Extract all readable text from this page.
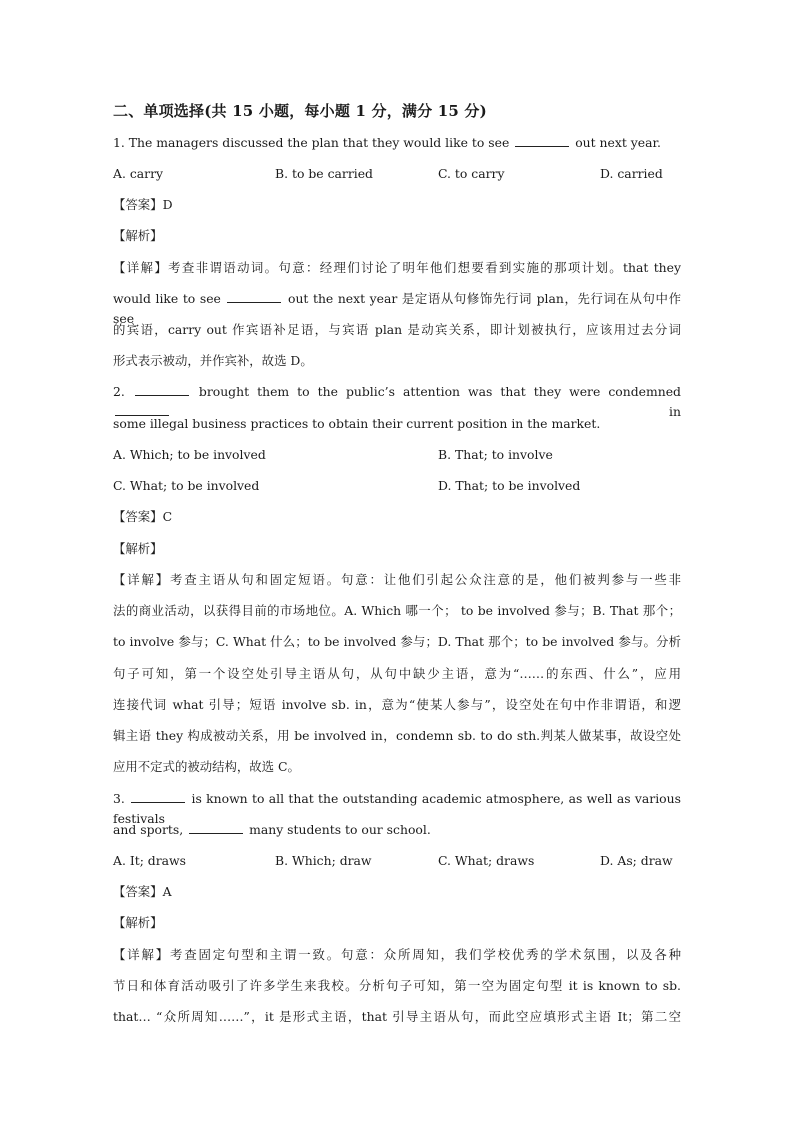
二、单项选择(共 15 小题，每小题 1 分，满分 15 分)
1. The managers discussed the plan that they would like to see	out next year.
A. carry	B. to be carried	C. to carry	D. carried
【答案】D
【解析】
【详解】考查非谓语动词。句意：经理们讨论了明年他们想要看到实施的那项计划。that they
would like to see	out the next year 是定语从句修饰先行词 plan，先行词在从句中作 see
的宾语，carry out 作宾语补足语，与宾语 plan 是动宾关系，即计划被执行，应该用过去分词
形式表示被动，并作宾补，故选 D。
2.	brought them to the public’s attention was that they were condemned  in
some illegal business practices to obtain their current position in the market.
A. Which; to be involved	B. That; to involve
C. What; to be involved	D. That; to be involved
【答案】C
【解析】
【详解】考查主语从句和固定短语。句意：让他们引起公众注意的是，他们被判参与一些非
法的商业活动，以获得目前的市场地位。A. Which 哪一个； to be involved 参与；B. That 那个；
to involve 参与；C. What 什么；to be involved 参与；D. That 那个；to be involved 参与。分析
句子可知，第一个设空处引导主语从句，从句中缺少主语，意为“……的东西、什么”，应用
连接代词 what 引导；短语 involve sb. in，意为“使某人参与”，设空处在句中作非谓语，和逻
辑主语 they 构成被动关系，用 be involved in，condemn sb. to do sth.判某人做某事，故设空处
应用不定式的被动结构，故选 C。
3.	is known to all that the outstanding academic atmosphere, as well as various festivals
and sports,	many students to our school.
A. It; draws	B. Which; draw	C. What; draws	D. As; draw
【答案】A
【解析】
【详解】考查固定句型和主谓一致。句意：众所周知，我们学校优秀的学术氛围，以及各种
节日和体育活动吸引了许多学生来我校。分析句子可知，第一空为固定句型 it is known to sb.
that… “众所周知……”，it 是形式主语，that 引导主语从句，而此空应填形式主语 It；第二空
